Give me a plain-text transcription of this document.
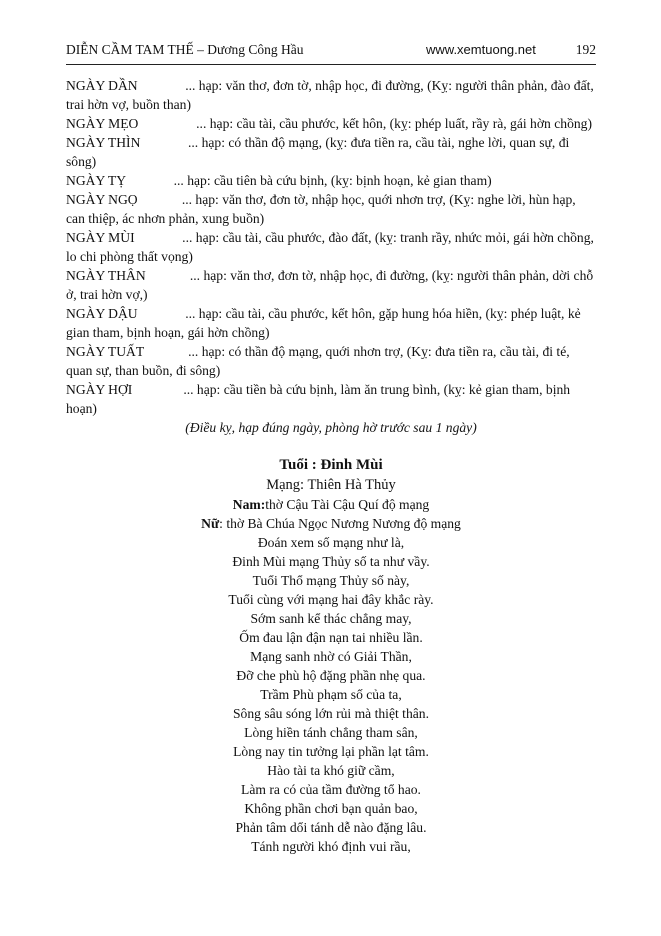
DIỄN CẦM TAM THẾ – Dương Công Hầu	www.xemtuong.net	192

NGÀY DẦN	... hạp: văn thơ, đơn tờ, nhập học, đi đường, (Kỵ: người thân phản, đào đất, trai hờn vợ, buồn than)

NGÀY MẸO	... hạp: cầu tài, cầu phước, kết hôn, (kỵ: phép luất, rầy rà, gái hờn chồng)

NGÀY THÌN	... hạp: có thần độ mạng, (kỵ: đưa tiền ra, cầu tài, nghe lời, quan sự, đi sông)

NGÀY TỴ	... hạp: cầu tiên bà cứu bịnh, (kỵ: bịnh hoạn, kẻ gian tham)

NGÀY NGỌ	... hạp: văn thơ, đơn tờ, nhập học, quới nhơn trợ, (Kỵ: nghe lời, hùn hạp, can thiệp, ác nhơn phản, xung buồn)

NGÀY MÙI	... hạp: cầu tài, cầu phước, đào đất, (kỵ: tranh rầy, nhức mỏi, gái hờn chồng, lo chi phòng thất vọng)

NGÀY THÂN	... hạp: văn thơ, đơn tờ, nhập học, đi đường, (kỵ: người thân phản, dời chỗ ở, trai hờn vợ,)

NGÀY DẬU	... hạp: cầu tài, cầu phước, kết hôn, gặp hung hóa hiền, (kỵ: phép luật, kẻ gian tham, bịnh hoạn, gái hờn chồng)

NGÀY TUẤT	... hạp: có thần độ mạng, quới nhơn trợ, (Kỵ: đưa tiền ra, cầu tài, đi té, quan sự, than buồn, đi sông)

NGÀY HỢI	... hạp: cầu tiền bà cứu bịnh, làm ăn trung bình, (kỵ: kẻ gian tham, bịnh hoạn)

(Điều kỵ, hạp đúng ngày, phòng hờ trước sau 1 ngày)

Tuổi : Đinh Mùi
Mạng: Thiên Hà Thủy
Nam:thờ Cậu Tài Cậu Quí độ mạng
Nữ: thờ Bà Chúa Ngọc Nương Nương độ mạng
Đoán xem số mạng như là,
Đinh Mùi mạng Thủy số ta như vầy.
Tuổi Thổ mạng Thủy số này,
Tuổi cùng với mạng hai đây khắc rày.
Sớm sanh kể thác chẳng may,
Ốm đau lận đận nạn tai nhiều lần.
Mạng sanh nhờ có Giải Thần,
Đỡ che phù hộ đặng phần nhẹ qua.
Trầm Phù phạm số của ta,
Sông sâu sóng lớn rủi mà thiệt thân.
Lòng hiền tánh chẳng tham sân,
Lòng nay tin tưởng lại phần lạt tâm.
Hào tài ta khó giữ cầm,
Làm ra có của tầm đường tổ hao.
Không phần chơi bạn quản bao,
Phản tâm dổi tánh dễ nào đặng lâu.
Tánh người khó định vui rầu,
